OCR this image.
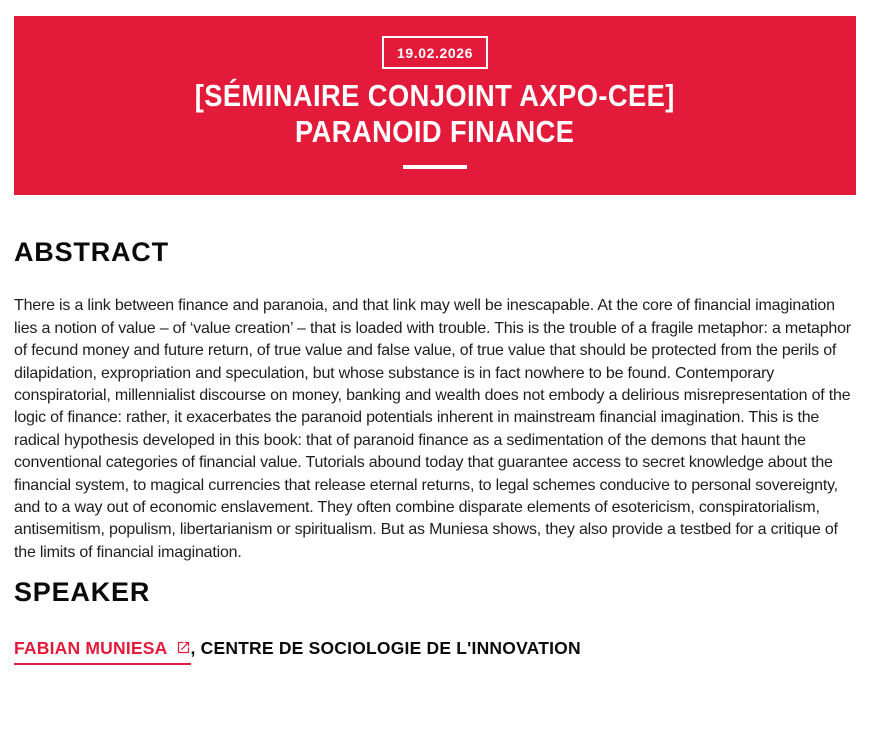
19.02.2026
[SÉMINAIRE CONJOINT AXPO-CEE]
PARANOID FINANCE
ABSTRACT

There is a link between finance and paranoia, and that link may well be inescapable. At the core of financial imagination lies a notion of value – of ‘value creation’ – that is loaded with trouble. This is the trouble of a fragile metaphor: a metaphor of fecund money and future return, of true value and false value, of true value that should be protected from the perils of dilapidation, expropriation and speculation, but whose substance is in fact nowhere to be found. Contemporary conspiratorial, millennialist discourse on money, banking and wealth does not embody a delirious misrepresentation of the logic of finance: rather, it exacerbates the paranoid potentials inherent in mainstream financial imagination. This is the radical hypothesis developed in this book: that of paranoid finance as a sedimentation of the demons that haunt the conventional categories of financial value. Tutorials abound today that guarantee access to secret knowledge about the financial system, to magical currencies that release eternal returns, to legal schemes conducive to personal sovereignty, and to a way out of economic enslavement. They often combine disparate elements of esotericism, conspiratorialism, antisemitism, populism, libertarianism or spiritualism. But as Muniesa shows, they also provide a testbed for a critique of the limits of financial imagination.

SPEAKER
FABIAN MUNIESA , CENTRE DE SOCIOLOGIE DE L'INNOVATION
